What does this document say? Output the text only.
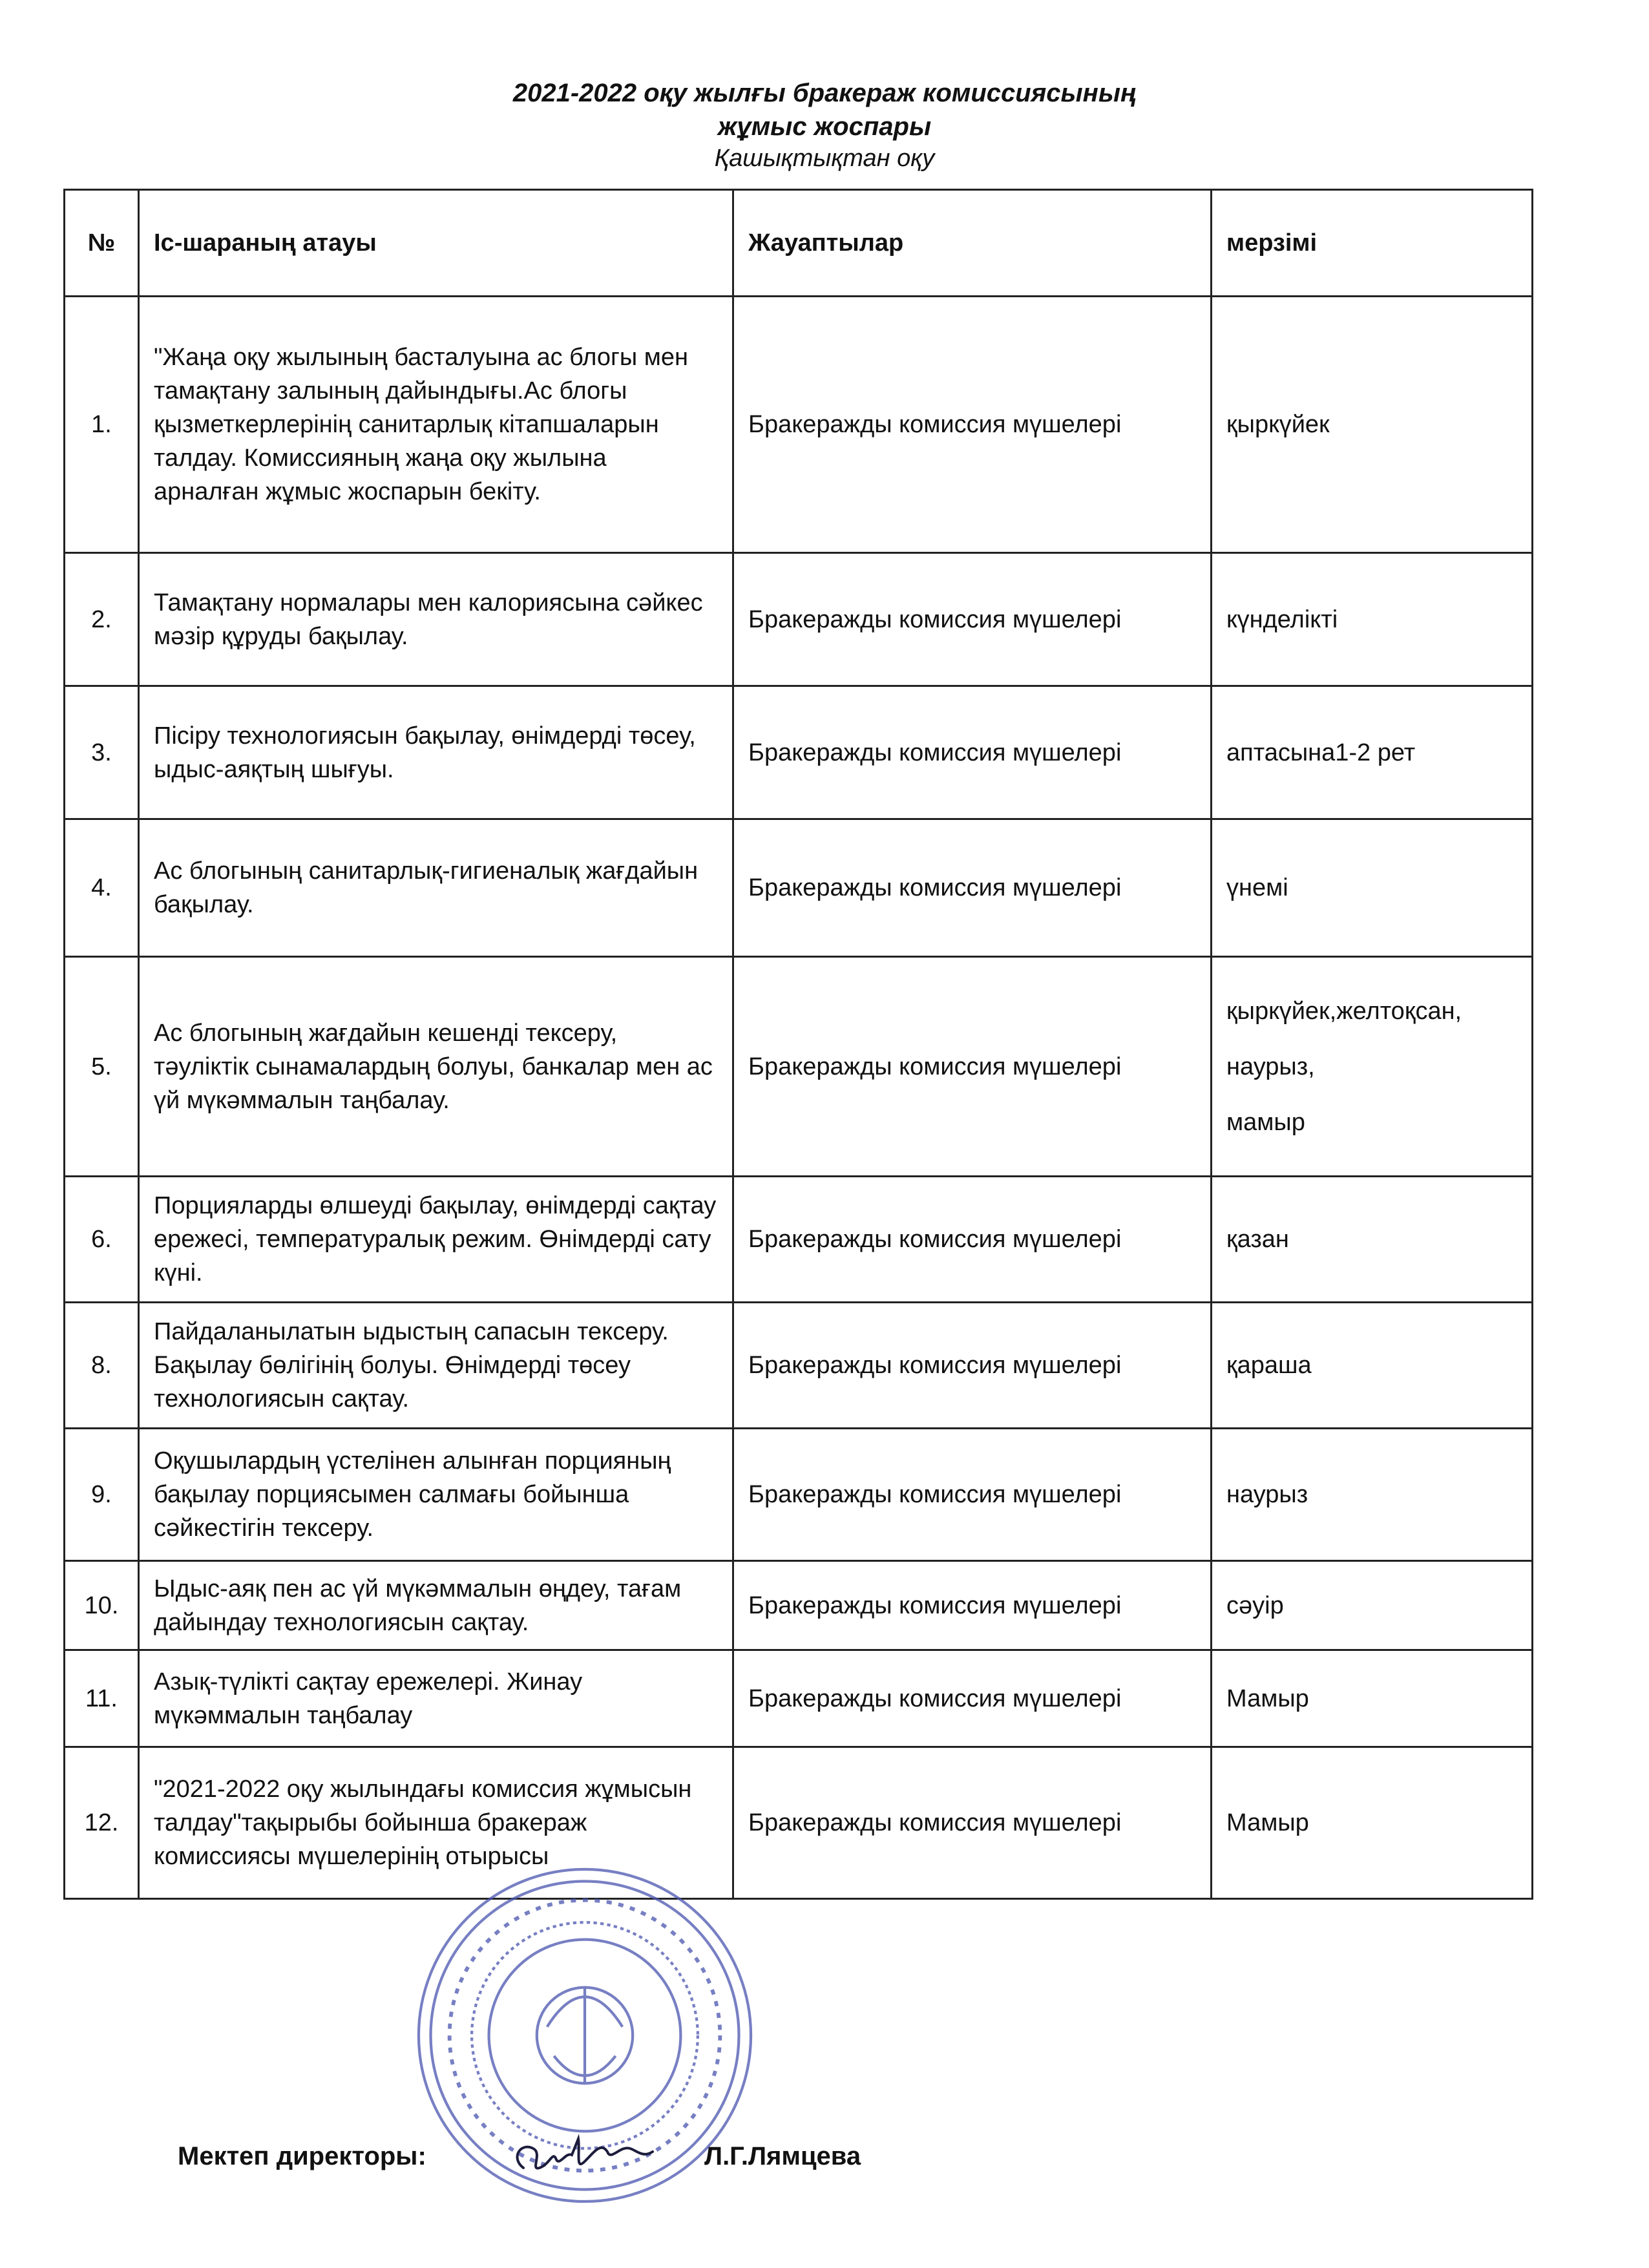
2021-2022 оқу жылғы бракераж комиссиясының
жұмыс жоспары
Қашықтықтан оқу
№	Іс-шараның атауы	Жауаптылар	мерзімі
1.	"Жаңа оқу жылының басталуына ас блогы мен тамақтану залының дайындығы.Ас блогы қызметкерлерінің санитарлық кітапшаларын талдау. Комиссияның жаңа оқу жылына арналған жұмыс жоспарын бекіту.	Бракеражды комиссия мүшелері	қыркүйек
2.	Тамақтану нормалары мен калориясына сәйкес мәзір құруды бақылау.	Бракеражды комиссия мүшелері	күнделікті
3.	Пісіру технологиясын бақылау, өнімдерді төсеу, ыдыс-аяқтың шығуы.	Бракеражды комиссия мүшелері	аптасына1-2 рет
4.	Ас блогының санитарлық-гигиеналық жағдайын бақылау.	Бракеражды комиссия мүшелері	үнемі
5.	Ас блогының жағдайын кешенді тексеру, тәуліктік сынамалардың болуы, банкалар мен ас үй мүкәммалын таңбалау.	Бракеражды комиссия мүшелері	қыркүйек,желтоқсан,
наурыз,
мамыр

6.	Порцияларды өлшеуді бақылау, өнімдерді сақтау ережесі, температуралық режим. Өнімдерді сату күні.	Бракеражды комиссия мүшелері	қазан
8.	Пайдаланылатын ыдыстың сапасын тексеру. Бақылау бөлігінің болуы. Өнімдерді төсеу технологиясын сақтау.	Бракеражды комиссия мүшелері	қараша
9.	Оқушылардың үстелінен алынған порцияның бақылау порциясымен салмағы бойынша сәйкестігін тексеру.	Бракеражды комиссия мүшелері	наурыз
10.	Ыдыс-аяқ пен ас үй мүкәммалын өңдеу, тағам дайындау технологиясын сақтау.	Бракеражды комиссия мүшелері	сәуір
11.	Азық-түлікті сақтау ережелері. Жинау мүкәммалын таңбалау	Бракеражды комиссия мүшелері	Мамыр
12.	"2021-2022 оқу жылындағы комиссия жұмысын талдау"тақырыбы бойынша бракераж комиссиясы мүшелерінің отырысы	Бракеражды комиссия мүшелері	Мамыр
Мектеп директоры:	Л.Г.Лямцева
